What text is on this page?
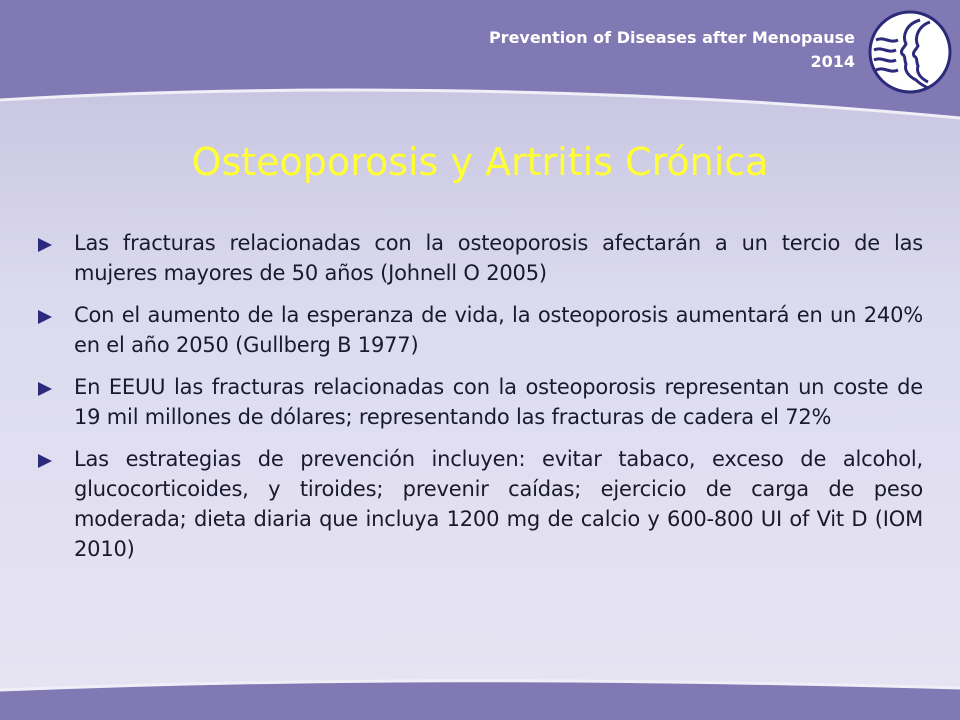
Prevention of Diseases after Menopause
2014
Osteoporosis y Artritis Crónica
Las fracturas relacionadas con la osteoporosis afectarán a un tercio de las mujeres mayores de 50 años (Johnell O 2005)
Con el aumento de la esperanza de vida, la osteoporosis aumentará en un 240% en el año 2050 (Gullberg B 1977)
En EEUU las fracturas relacionadas con la osteoporosis representan un coste de 19 mil millones de dólares; representando las fracturas de cadera el 72%
Las estrategias de prevención incluyen: evitar tabaco, exceso de alcohol, glucocorticoides, y tiroides; prevenir caídas; ejercicio de carga de peso moderada; dieta diaria que incluya 1200 mg de calcio y 600-800 UI of Vit D (IOM 2010)
